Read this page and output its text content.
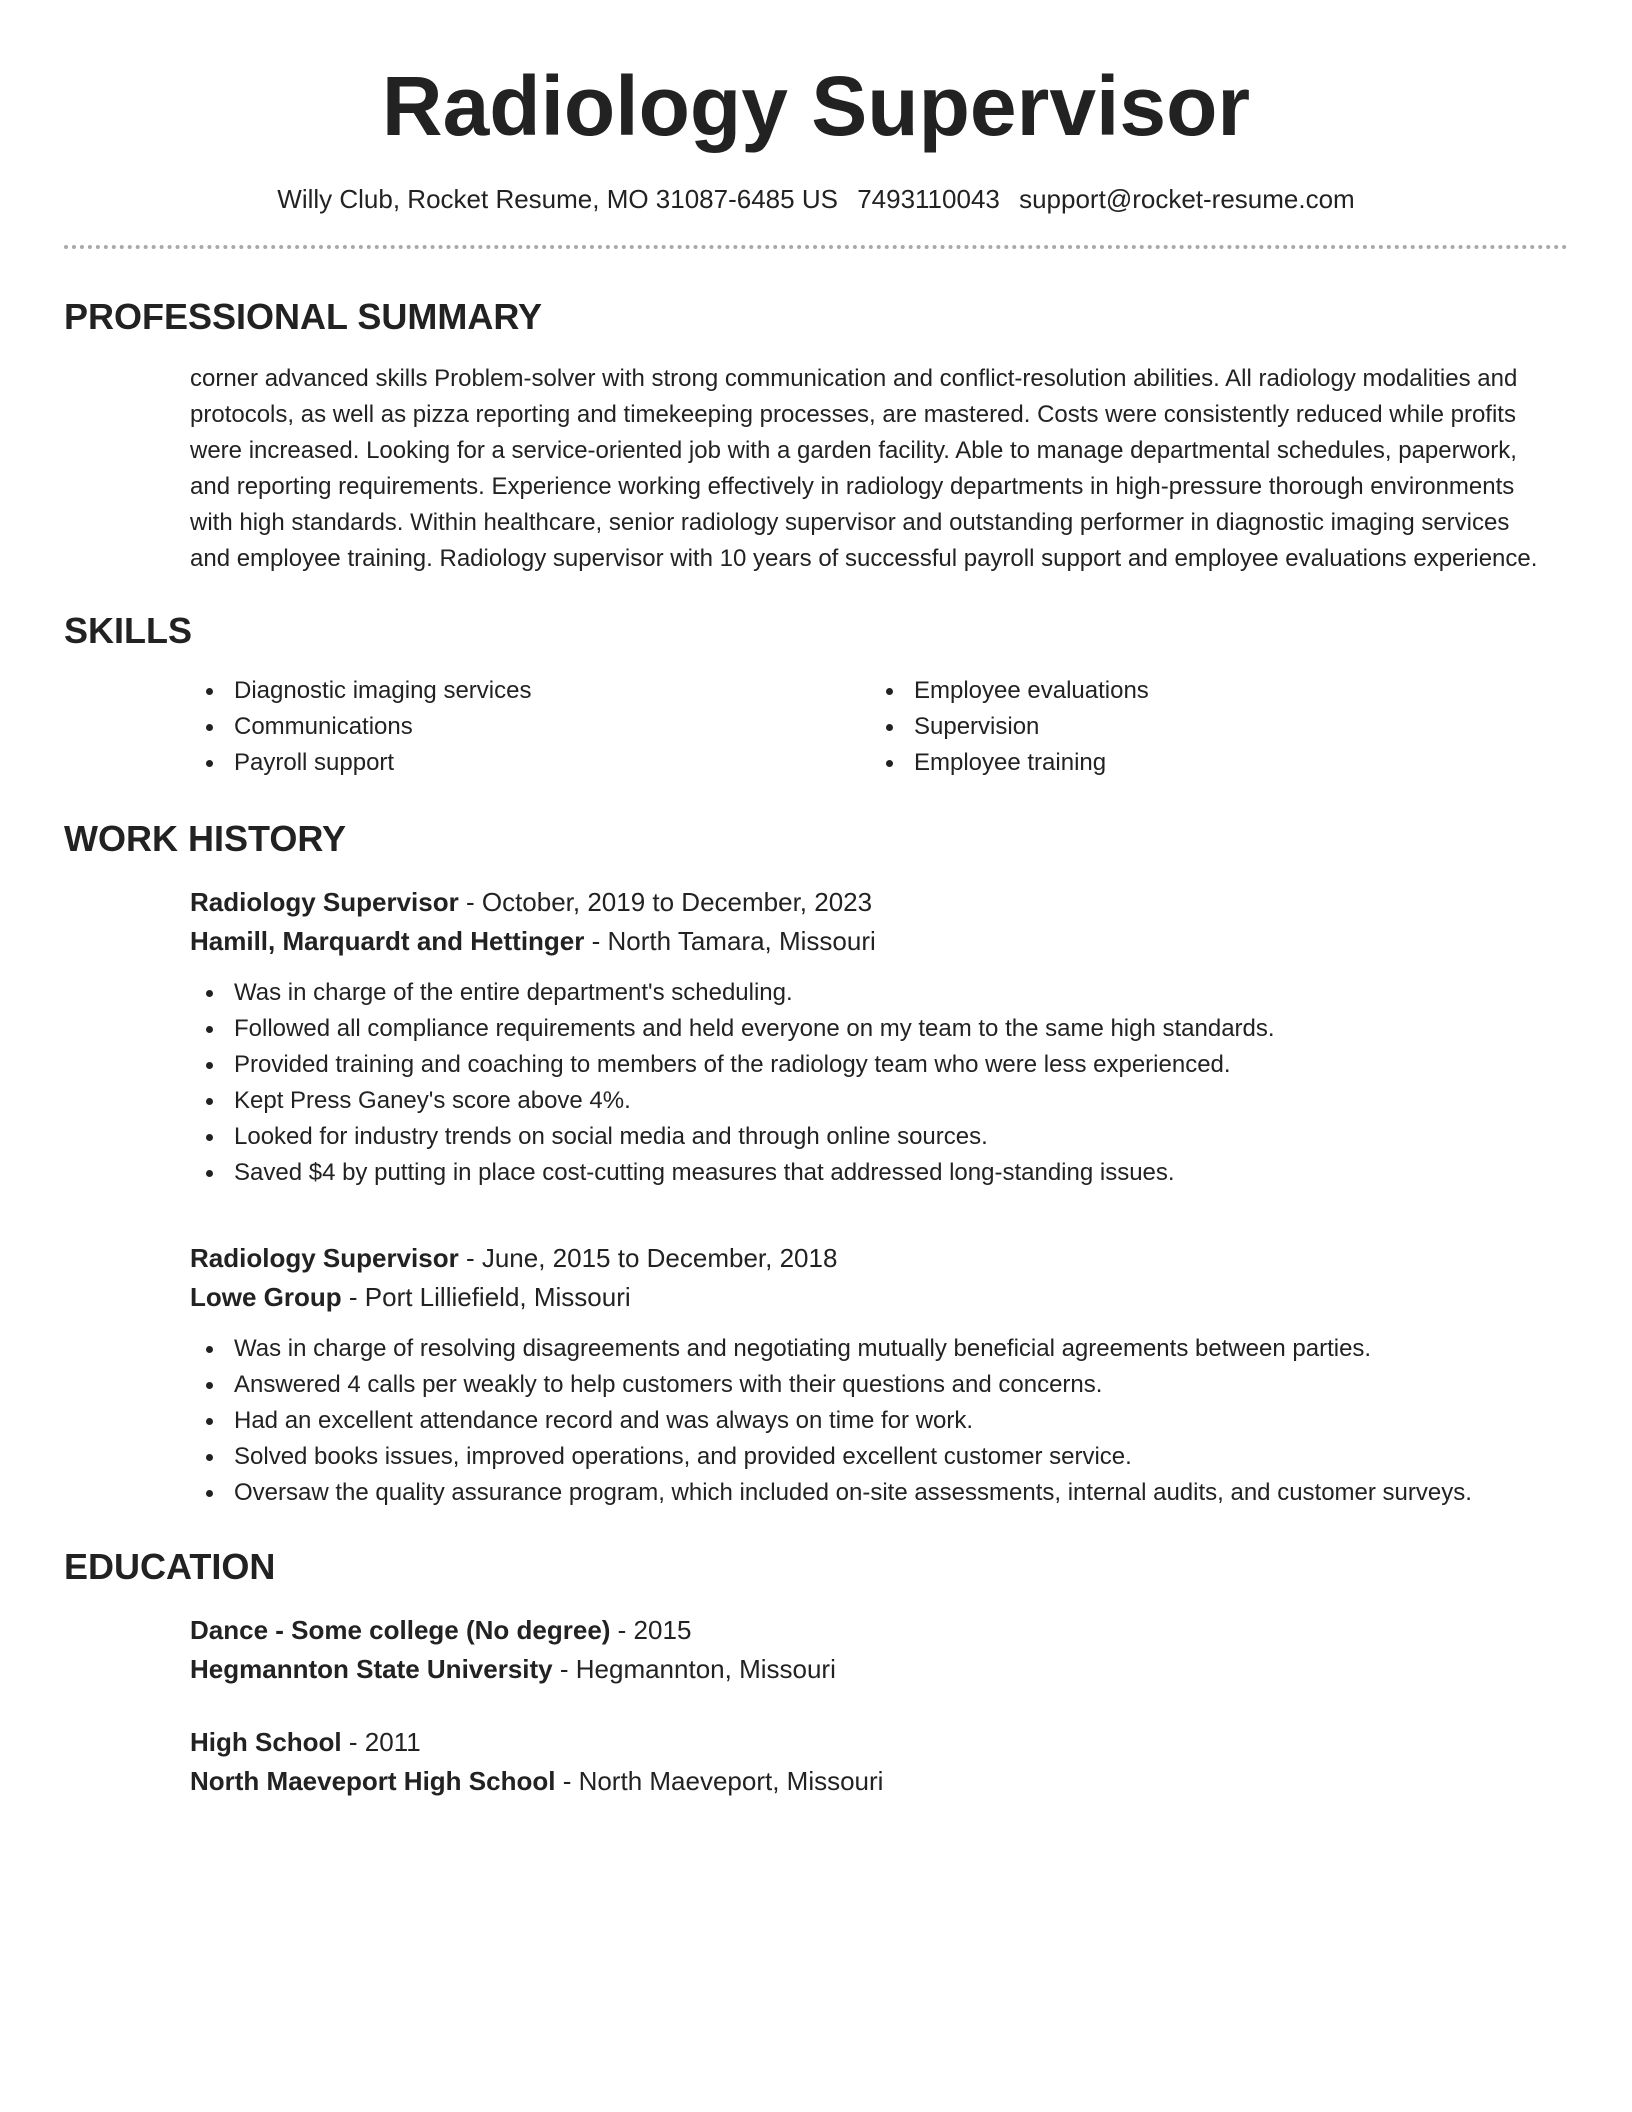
Radiology Supervisor
Willy Club, Rocket Resume, MO 31087-6485 US 7493110043 support@rocket-resume.com
PROFESSIONAL SUMMARY

corner advanced skills Problem-solver with strong communication and conflict-resolution abilities. All radiology modalities and protocols, as well as pizza reporting and timekeeping processes, are mastered. Costs were consistently reduced while profits were increased. Looking for a service-oriented job with a garden facility. Able to manage departmental schedules, paperwork, and reporting requirements. Experience working effectively in radiology departments in high-pressure thorough environments with high standards. Within healthcare, senior radiology supervisor and outstanding performer in diagnostic imaging services and employee training. Radiology supervisor with 10 years of successful payroll support and employee evaluations experience.

SKILLS
Diagnostic imaging services
Communications
Payroll support
Employee evaluations
Supervision
Employee training
WORK HISTORY
Radiology Supervisor - October, 2019 to December, 2023
Hamill, Marquardt and Hettinger - North Tamara, Missouri
Was in charge of the entire department's scheduling.
Followed all compliance requirements and held everyone on my team to the same high standards.
Provided training and coaching to members of the radiology team who were less experienced.
Kept Press Ganey's score above 4%.
Looked for industry trends on social media and through online sources.
Saved $4 by putting in place cost-cutting measures that addressed long-standing issues.
Radiology Supervisor - June, 2015 to December, 2018
Lowe Group - Port Lilliefield, Missouri
Was in charge of resolving disagreements and negotiating mutually beneficial agreements between parties.
Answered 4 calls per weakly to help customers with their questions and concerns.
Had an excellent attendance record and was always on time for work.
Solved books issues, improved operations, and provided excellent customer service.
Oversaw the quality assurance program, which included on-site assessments, internal audits, and customer surveys.
EDUCATION
Dance - Some college (No degree) - 2015
Hegmannton State University - Hegmannton, Missouri
High School - 2011
North Maeveport High School - North Maeveport, Missouri
